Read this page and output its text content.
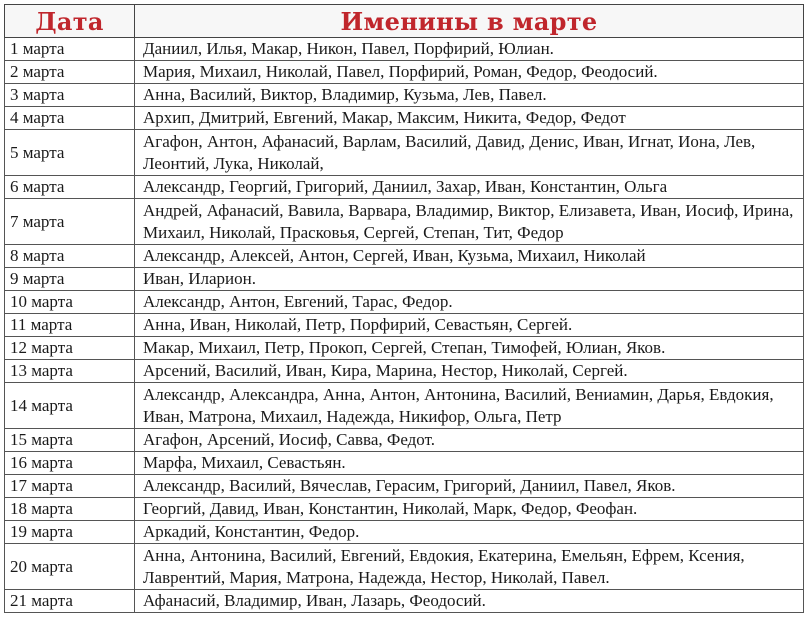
Дата	Именины в марте
1 марта	Даниил, Илья, Макар, Никон, Павел, Порфирий, Юлиан.
2 марта	Мария, Михаил, Николай, Павел, Порфирий, Роман, Федор, Феодосий.
3 марта	Анна, Василий, Виктор, Владимир, Кузьма, Лев, Павел.
4 марта	Архип, Дмитрий, Евгений, Макар, Максим, Никита, Федор, Федот
5 марта	Агафон, Антон, Афанасий, Варлам, Василий, Давид, Денис, Иван, Игнат, Иона, Лев, Леонтий, Лука, Николай,
6 марта	Александр, Георгий, Григорий, Даниил, Захар, Иван, Константин, Ольга
7 марта	Андрей, Афанасий, Вавила, Варвара, Владимир, Виктор, Елизавета, Иван, Иосиф, Ирина, Михаил, Николай, Прасковья, Сергей, Степан, Тит, Федор
8 марта	Александр, Алексей, Антон, Сергей, Иван, Кузьма, Михаил, Николай
9 марта	Иван, Иларион.
10 марта	Александр, Антон, Евгений, Тарас, Федор.
11 марта	Анна, Иван, Николай, Петр, Порфирий, Севастьян, Сергей.
12 марта	Макар, Михаил, Петр, Прокоп, Сергей, Степан, Тимофей, Юлиан, Яков.
13 марта	Арсений, Василий, Иван, Кира, Марина, Нестор, Николай, Сергей.
14 марта	Александр, Александра, Анна, Антон, Антонина, Василий, Вениамин, Дарья, Евдокия, Иван, Матрона, Михаил, Надежда, Никифор, Ольга, Петр
15 марта	Агафон, Арсений, Иосиф, Савва, Федот.
16 марта	Марфа, Михаил, Севастьян.
17 марта	Александр, Василий, Вячеслав, Герасим, Григорий, Даниил, Павел, Яков.
18 марта	Георгий, Давид, Иван, Константин, Николай, Марк, Федор, Феофан.
19 марта	Аркадий, Константин, Федор.
20 марта	Анна, Антонина, Василий, Евгений, Евдокия, Екатерина, Емельян, Ефрем, Ксения, Лаврентий, Мария, Матрона, Надежда, Нестор, Николай, Павел.
21 марта	Афанасий, Владимир, Иван, Лазарь, Феодосий.
